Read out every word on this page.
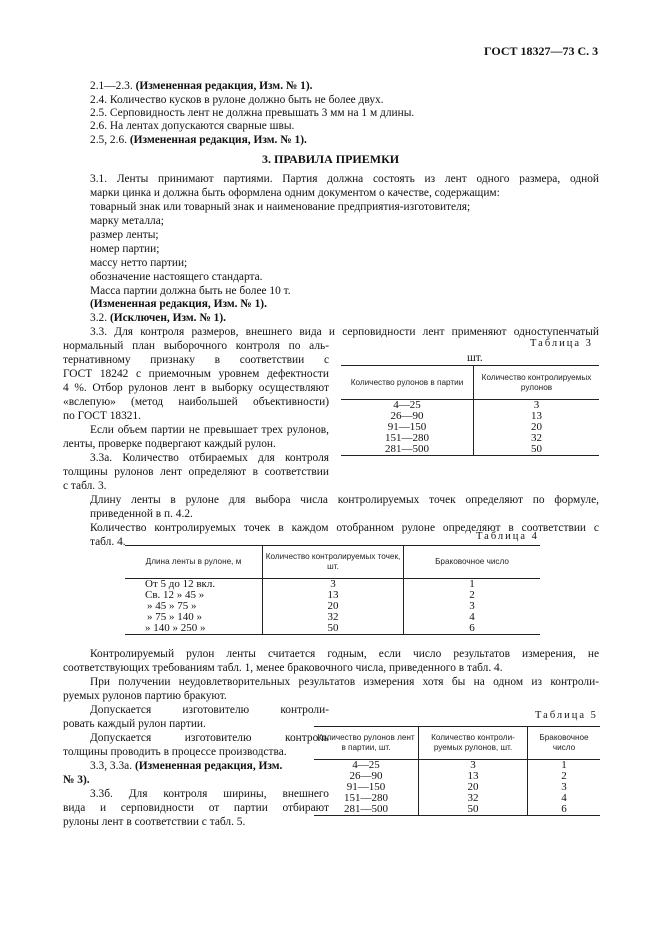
ГОСТ 18327—73 С. 3
2.1—2.3. (Измененная редакция, Изм. № 1).
2.4. Количество кусков в рулоне должно быть не более двух.
2.5. Серповидность лент не должна превышать 3 мм на 1 м длины.
2.6. На лентах допускаются сварные швы.
2.5, 2.6. (Измененная редакция, Изм. № 1).
3. ПРАВИЛА ПРИЕМКИ
3.1. Ленты принимают партиями. Партия должна состоять из лент одного размера, одной
марки цинка и должна быть оформлена одним документом о качестве, содержащим:
товарный знак или товарный знак и наименование предприятия-изготовителя;
марку металла;
размер ленты;
номер партии;
массу нетто партии;
обозначение настоящего стандарта.
Масса партии должна быть не более 10 т.
(Измененная редакция, Изм. № 1).
3.2. (Исключен, Изм. № 1).
3.3. Для контроля размеров, внешнего вида и серповидности лент применяют одноступенчатый
нормальный план выборочного контроля по аль-
тернативному признаку в соответствии с
ГОСТ 18242 с приемочным уровнем дефектности
4 %. Отбор рулонов лент в выборку осуществляют
«вслепую» (метод наибольшей объективности)
по ГОСТ 18321.
Если объем партии не превышает трех рулонов,
ленты, проверке подвергают каждый рулон.
3.3а. Количество отбираемых для контроля
толщины рулонов лент определяют в соответствии
с табл. 3.
Таблица 3
шт.
Количество рулонов в партии	Количество контролируемых рулонов
4—25	3
26—90	13
91—150	20
151—280	32
281—500	50
Длину ленты в рулоне для выбора числа контролируемых точек определяют по формуле,
приведенной в п. 4.2.
Количество контролируемых точек в каждом отобранном рулоне определяют в соответствии с
табл. 4.	Таблица 4
Длина ленты в рулоне, м	Количество контролируемых точек, шт.	Браковочное число
От 5 до 12 вкл.	3	1
Св. 12 » 45 »	13	2
» 45 » 75 »	20	3
» 75 » 140 »	32	4
» 140 » 250 »	50	6
Контролируемый рулон ленты считается годным, если число результатов измерения, не
соответствующих требованиям табл. 1, менее браковочного числа, приведенного в табл. 4.
При получении неудовлетворительных результатов измерения хотя бы на одном из контроли-
руемых рулонов партию бракуют.
Допускается изготовителю контроли-
ровать каждый рулон партии.
Допускается изготовителю контроль
толщины проводить в процессе производства.
3.3, 3.3а. (Измененная редакция, Изм.
№ 3).
3.3б. Для контроля ширины, внешнего
вида и серповидности от партии отбирают
рулоны лент в соответствии с табл. 5.
Таблица 5
Количество рулонов лент в партии, шт.	Количество контроли-руемых рулонов, шт.	Браковочное число
4—25	3	1
26—90	13	2
91—150	20	3
151—280	32	4
281—500	50	6
